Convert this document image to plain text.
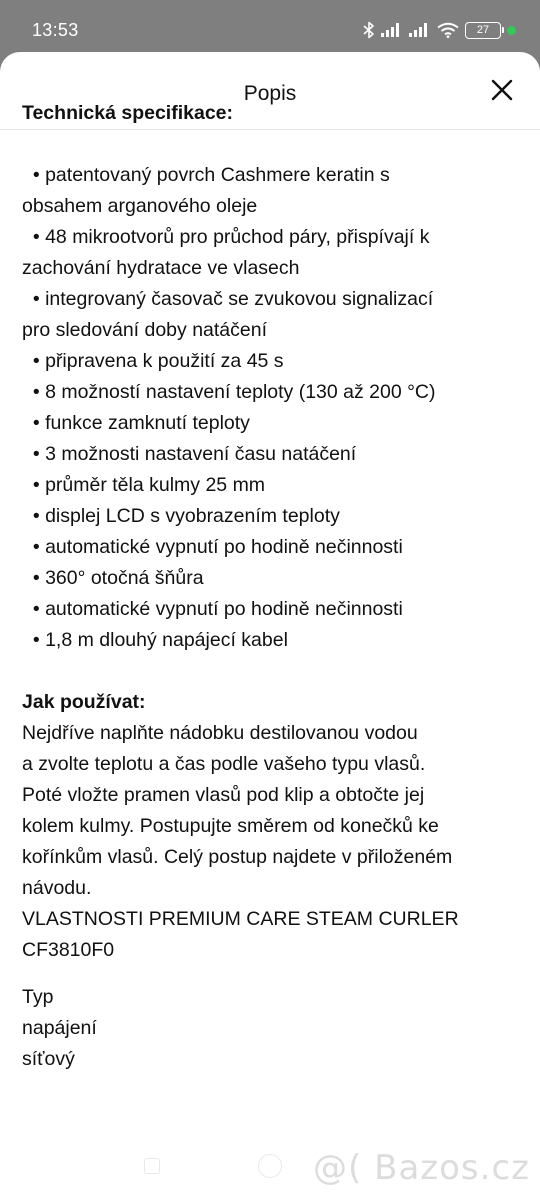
13:53	27
Popis
Technická specifikace:
• patentovaný povrch Cashmere keratin s
obsahem arganového oleje
• 48 mikrootvorů pro průchod páry, přispívají k
zachování hydratace ve vlasech
• integrovaný časovač se zvukovou signalizací
pro sledování doby natáčení
• připravena k použití za 45 s
• 8 možností nastavení teploty (130 až 200 °C)
• funkce zamknutí teploty
• 3 možnosti nastavení času natáčení
• průměr těla kulmy 25 mm
• displej LCD s vyobrazením teploty
• automatické vypnutí po hodině nečinnosti
• 360° otočná šňůra
• automatické vypnutí po hodině nečinnosti
• 1,8 m dlouhý napájecí kabel
Jak používat:
Nejdříve naplňte nádobku destilovanou vodou
a zvolte teplotu a čas podle vašeho typu vlasů.
Poté vložte pramen vlasů pod klip a obtočte jej
kolem kulmy. Postupujte směrem od konečků ke
kořínkům vlasů. Celý postup najdete v přiloženém
návodu.
VLASTNOSTI PREMIUM CARE STEAM CURLER
CF3810F0
Typ
napájení
síťový
@( Bazos.cz
